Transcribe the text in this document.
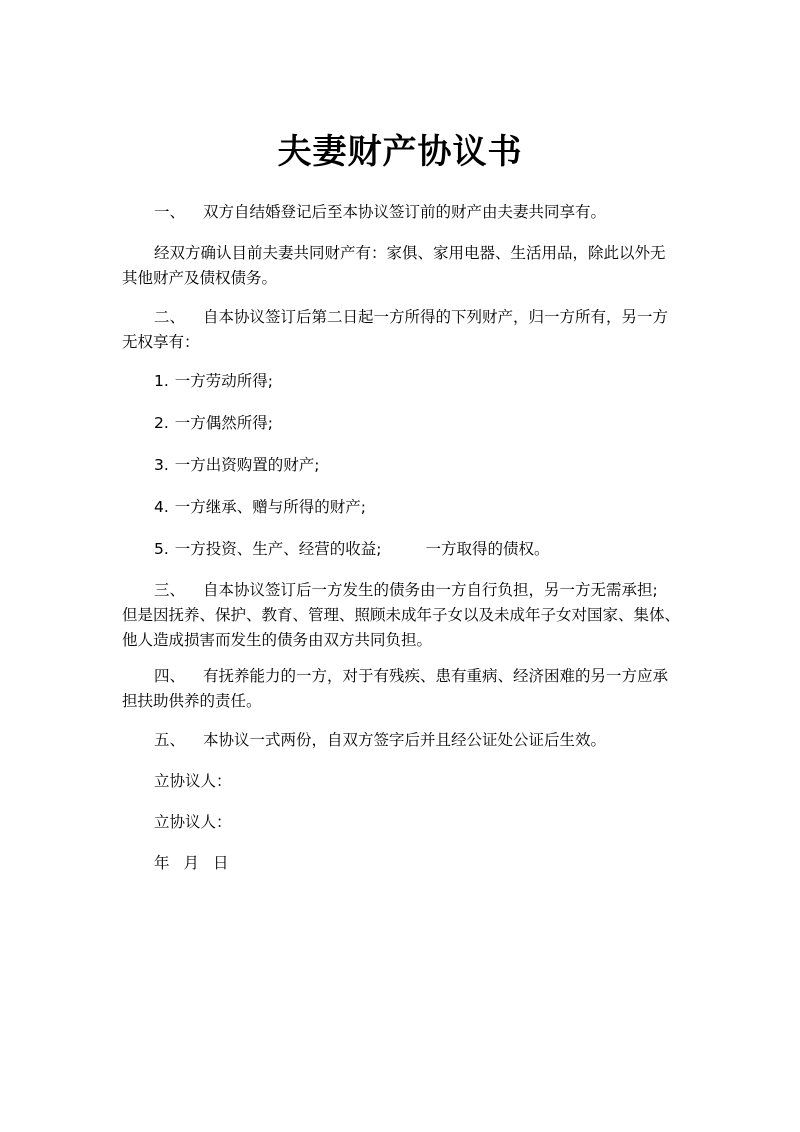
夫妻财产协议书
一、 双方自结婚登记后至本协议签订前的财产由夫妻共同享有。
经双方确认目前夫妻共同财产有：家俱、家用电器、生活用品，除此以外无
其他财产及债权债务。
二、 自本协议签订后第二日起一方所得的下列财产，归一方所有，另一方
无权享有：
1. 一方劳动所得;
2. 一方偶然所得;
3. 一方出资购置的财产;
4. 一方继承、赠与所得的财产;
5. 一方投资、生产、经营的收益;	一方取得的债权。
三、 自本协议签订后一方发生的债务由一方自行负担，另一方无需承担;
但是因抚养、保护、教育、管理、照顾未成年子女以及未成年子女对国家、集体、
他人造成损害而发生的债务由双方共同负担。
四、 有抚养能力的一方，对于有残疾、患有重病、经济困难的另一方应承
担扶助供养的责任。
五、 本协议一式两份，自双方签字后并且经公证处公证后生效。
立协议人：
立协议人：
年 月 日
